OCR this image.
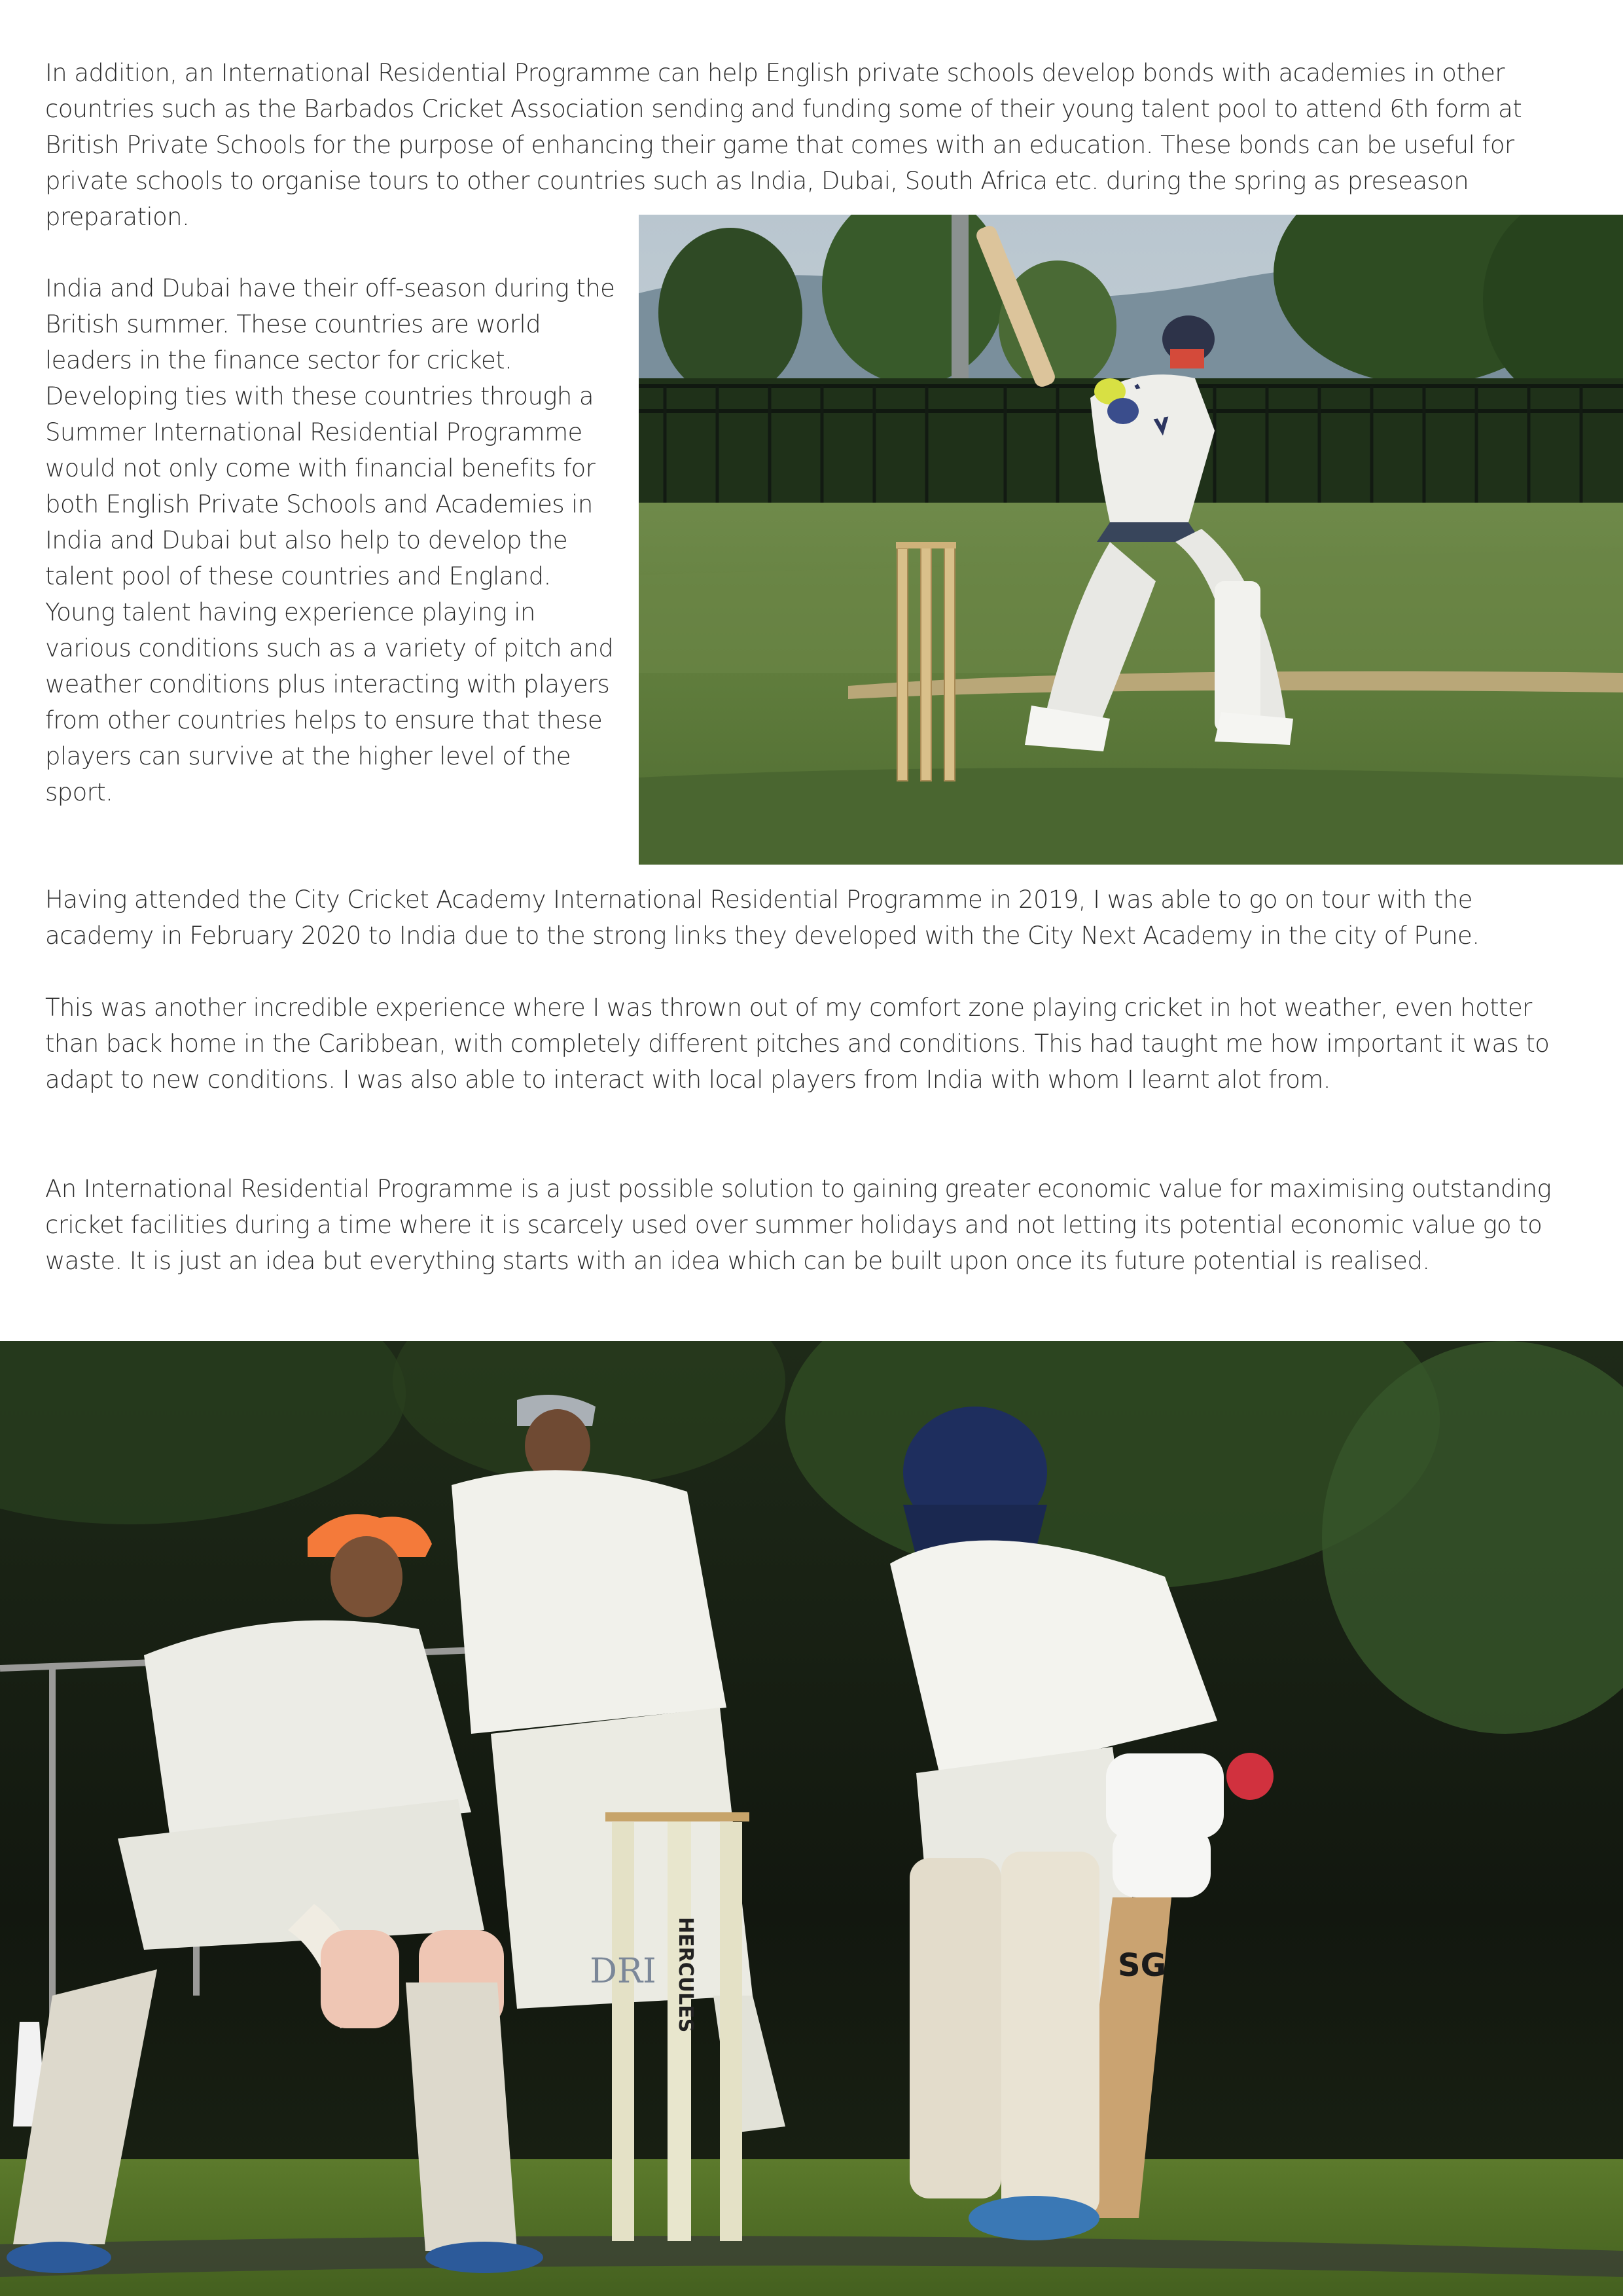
In addition, an International Residential Programme can help English private schools develop bonds with academies in other countries such as the Barbados Cricket Association sending and funding some of their young talent pool to attend 6th form at British Private Schools for the purpose of enhancing their game that comes with an education. These bonds can be useful for private schools to organise tours to other countries such as India, Dubai, South Africa etc. during the spring as preseason preparation.

India and Dubai have their off-season during the British summer. These countries are world leaders in the finance sector for cricket. Developing ties with these countries through a Summer International Residential Programme would not only come with financial benefits for both English Private Schools and Academies in India and Dubai but also help to develop the talent pool of these countries and England. Young talent having experience playing in various conditions such as a variety of pitch and weather conditions plus interacting with players from other countries helps to ensure that these players can survive at the higher level of the sport.

Having attended the City Cricket Academy International Residential Programme in 2019, I was able to go on tour with the academy in February 2020 to India due to the strong links they developed with the City Next Academy in the city of Pune.

This was another incredible experience where I was thrown out of my comfort zone playing cricket in hot weather, even hotter than back home in the Caribbean, with completely different pitches and conditions. This had taught me how important it was to adapt to new conditions. I was also able to interact with local players from India with whom I learnt alot from.

An International Residential Programme is a just possible solution to gaining greater economic value for maximising outstanding cricket facilities during a time where it is scarcely used over summer holidays and not letting its potential economic value go to waste. It is just an idea but everything starts with an idea which can be built upon once its future potential is realised.

DRI HERCULES	SG
